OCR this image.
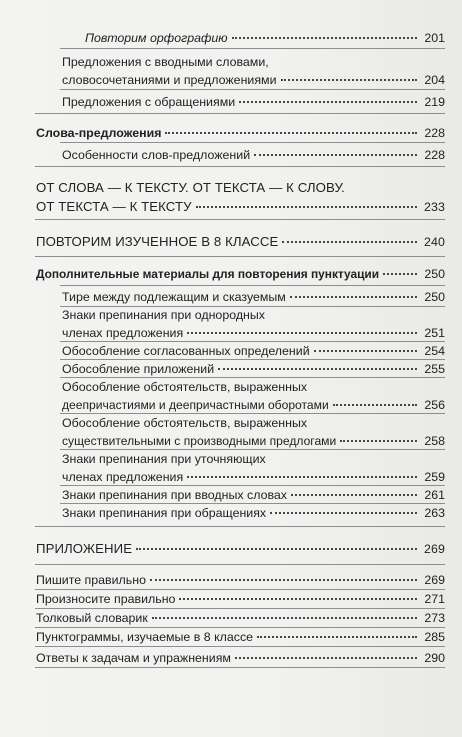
Повторим орфографию	201
Предложения с вводными словами,
словосочетаниями и предложениями	204
Предложения с обращениями	219
Слова-предложения	228
Особенности слов-предложений	228
ОТ СЛОВА — К ТЕКСТУ. ОТ ТЕКСТА — К СЛОВУ.
ОТ ТЕКСТА — К ТЕКСТУ	233
ПОВТОРИМ ИЗУЧЕННОЕ В 8 КЛАССЕ	240
Дополнительные материалы для повторения пунктуации	250
Тире между подлежащим и сказуемым	250
Знаки препинания при однородных
членах предложения	251
Обособление согласованных определений	254
Обособление приложений	255
Обособление обстоятельств, выраженных
деепричастиями и деепричастными оборотами	256
Обособление обстоятельств, выраженных
существительными с производными предлогами	258
Знаки препинания при уточняющих
членах предложения	259
Знаки препинания при вводных словах	261
Знаки препинания при обращениях	263
ПРИЛОЖЕНИЕ	269
Пишите правильно	269
Произносите правильно	271
Толковый словарик	273
Пунктограммы, изучаемые в 8 классе	285
Ответы к задачам и упражнениям	290
